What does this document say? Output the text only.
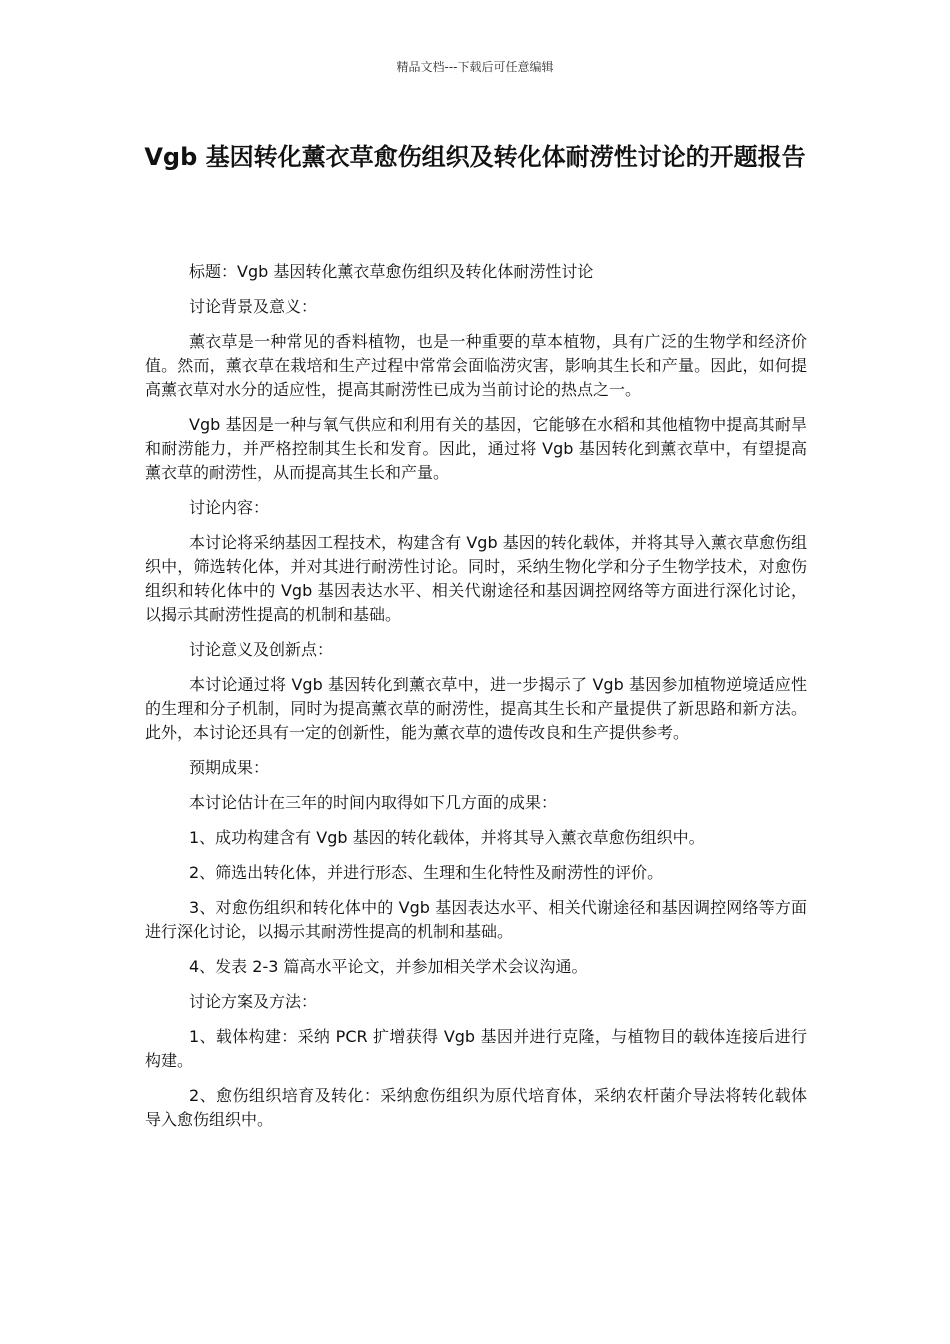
精品文档---下载后可任意编辑
Vgb 基因转化薰衣草愈伤组织及转化体耐涝性讨论的开题报告

标题：Vgb 基因转化薰衣草愈伤组织及转化体耐涝性讨论

讨论背景及意义：

薰衣草是一种常见的香料植物，也是一种重要的草本植物，具有广泛的生物学和经济价值。然而，薰衣草在栽培和生产过程中常常会面临涝灾害，影响其生长和产量。因此，如何提高薰衣草对水分的适应性，提高其耐涝性已成为当前讨论的热点之一。

Vgb 基因是一种与氧气供应和利用有关的基因，它能够在水稻和其他植物中提高其耐旱和耐涝能力，并严格控制其生长和发育。因此，通过将 Vgb 基因转化到薰衣草中，有望提高薰衣草的耐涝性，从而提高其生长和产量。

讨论内容：

本讨论将采纳基因工程技术，构建含有 Vgb 基因的转化载体，并将其导入薰衣草愈伤组织中，筛选转化体，并对其进行耐涝性讨论。同时，采纳生物化学和分子生物学技术，对愈伤组织和转化体中的 Vgb 基因表达水平、相关代谢途径和基因调控网络等方面进行深化讨论，以揭示其耐涝性提高的机制和基础。

讨论意义及创新点：

本讨论通过将 Vgb 基因转化到薰衣草中，进一步揭示了 Vgb 基因参加植物逆境适应性的生理和分子机制，同时为提高薰衣草的耐涝性，提高其生长和产量提供了新思路和新方法。此外，本讨论还具有一定的创新性，能为薰衣草的遗传改良和生产提供参考。

预期成果：

本讨论估计在三年的时间内取得如下几方面的成果：

1、成功构建含有 Vgb 基因的转化载体，并将其导入薰衣草愈伤组织中。

2、筛选出转化体，并进行形态、生理和生化特性及耐涝性的评价。

3、对愈伤组织和转化体中的 Vgb 基因表达水平、相关代谢途径和基因调控网络等方面进行深化讨论，以揭示其耐涝性提高的机制和基础。

4、发表 2-3 篇高水平论文，并参加相关学术会议沟通。

讨论方案及方法：

1、载体构建：采纳 PCR 扩增获得 Vgb 基因并进行克隆，与植物目的载体连接后进行构建。

2、愈伤组织培育及转化：采纳愈伤组织为原代培育体，采纳农杆菌介导法将转化载体导入愈伤组织中。
